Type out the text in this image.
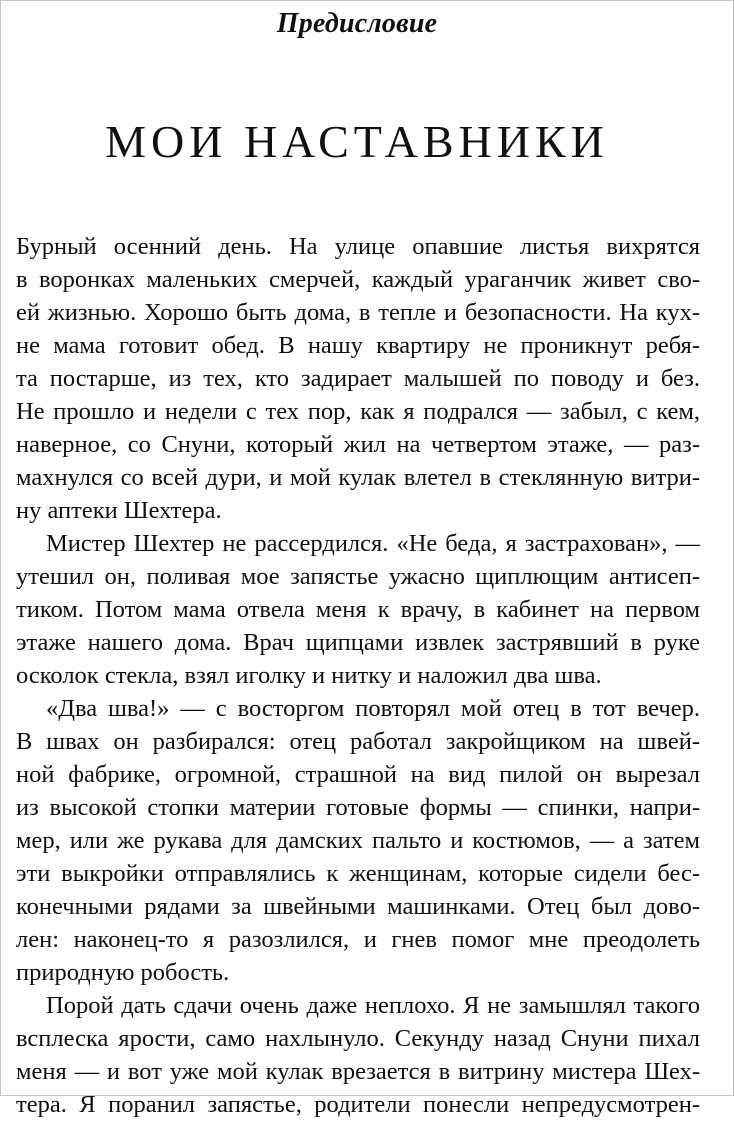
Предисловие
МОИ НАСТАВНИКИ
Бурный осенний день. На улице опавшие листья вихрятся
в воронках маленьких смерчей, каждый ураганчик живет сво-
ей жизнью. Хорошо быть дома, в тепле и безопасности. На кух-
не мама готовит обед. В нашу квартиру не проникнут ребя-
та постарше, из тех, кто задирает малышей по поводу и без.
Не прошло и недели с тех пор, как я подрался — забыл, с кем,
наверное, со Снуни, который жил на четвертом этаже, — раз-
махнулся со всей дури, и мой кулак влетел в стеклянную витри-
ну аптеки Шехтера.
Мистер Шехтер не рассердился. «Не беда, я застрахован», —
утешил он, поливая мое запястье ужасно щиплющим антисеп-
тиком. Потом мама отвела меня к врачу, в кабинет на первом
этаже нашего дома. Врач щипцами извлек застрявший в руке
осколок стекла, взял иголку и нитку и наложил два шва.
«Два шва!» — с восторгом повторял мой отец в тот вечер.
В швах он разбирался: отец работал закройщиком на швей-
ной фабрике, огромной, страшной на вид пилой он вырезал
из высокой стопки материи готовые формы — спинки, напри-
мер, или же рукава для дамских пальто и костюмов, — а затем
эти выкройки отправлялись к женщинам, которые сидели бес-
конечными рядами за швейными машинками. Отец был дово-
лен: наконец-то я разозлился, и гнев помог мне преодолеть
природную робость.
Порой дать сдачи очень даже неплохо. Я не замышлял такого
всплеска ярости, само нахлынуло. Секунду назад Снуни пихал
меня — и вот уже мой кулак врезается в витрину мистера Шех-
тера. Я поранил запястье, родители понесли непредусмотрен-
